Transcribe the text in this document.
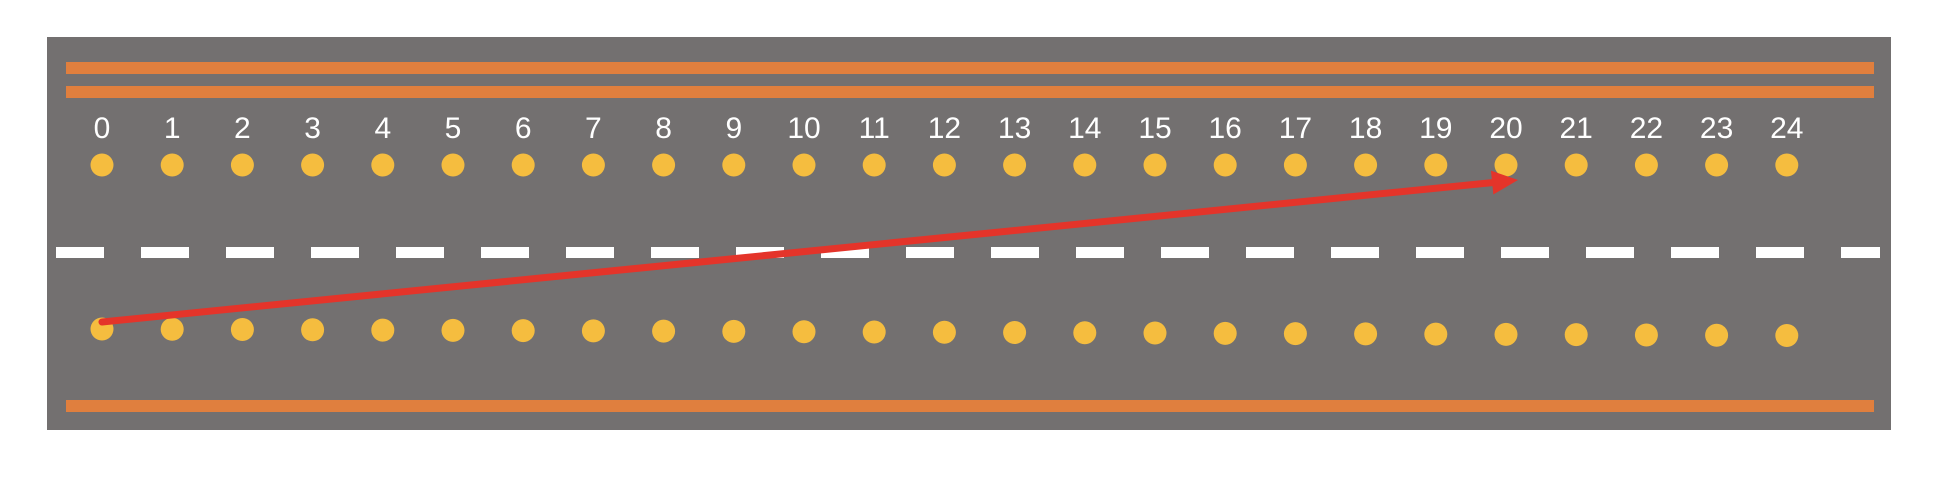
0 1 2 3 4 5 6 7 8 9 10 11 12 13 14 15 16 17 18 19 20 21 22 23 24
